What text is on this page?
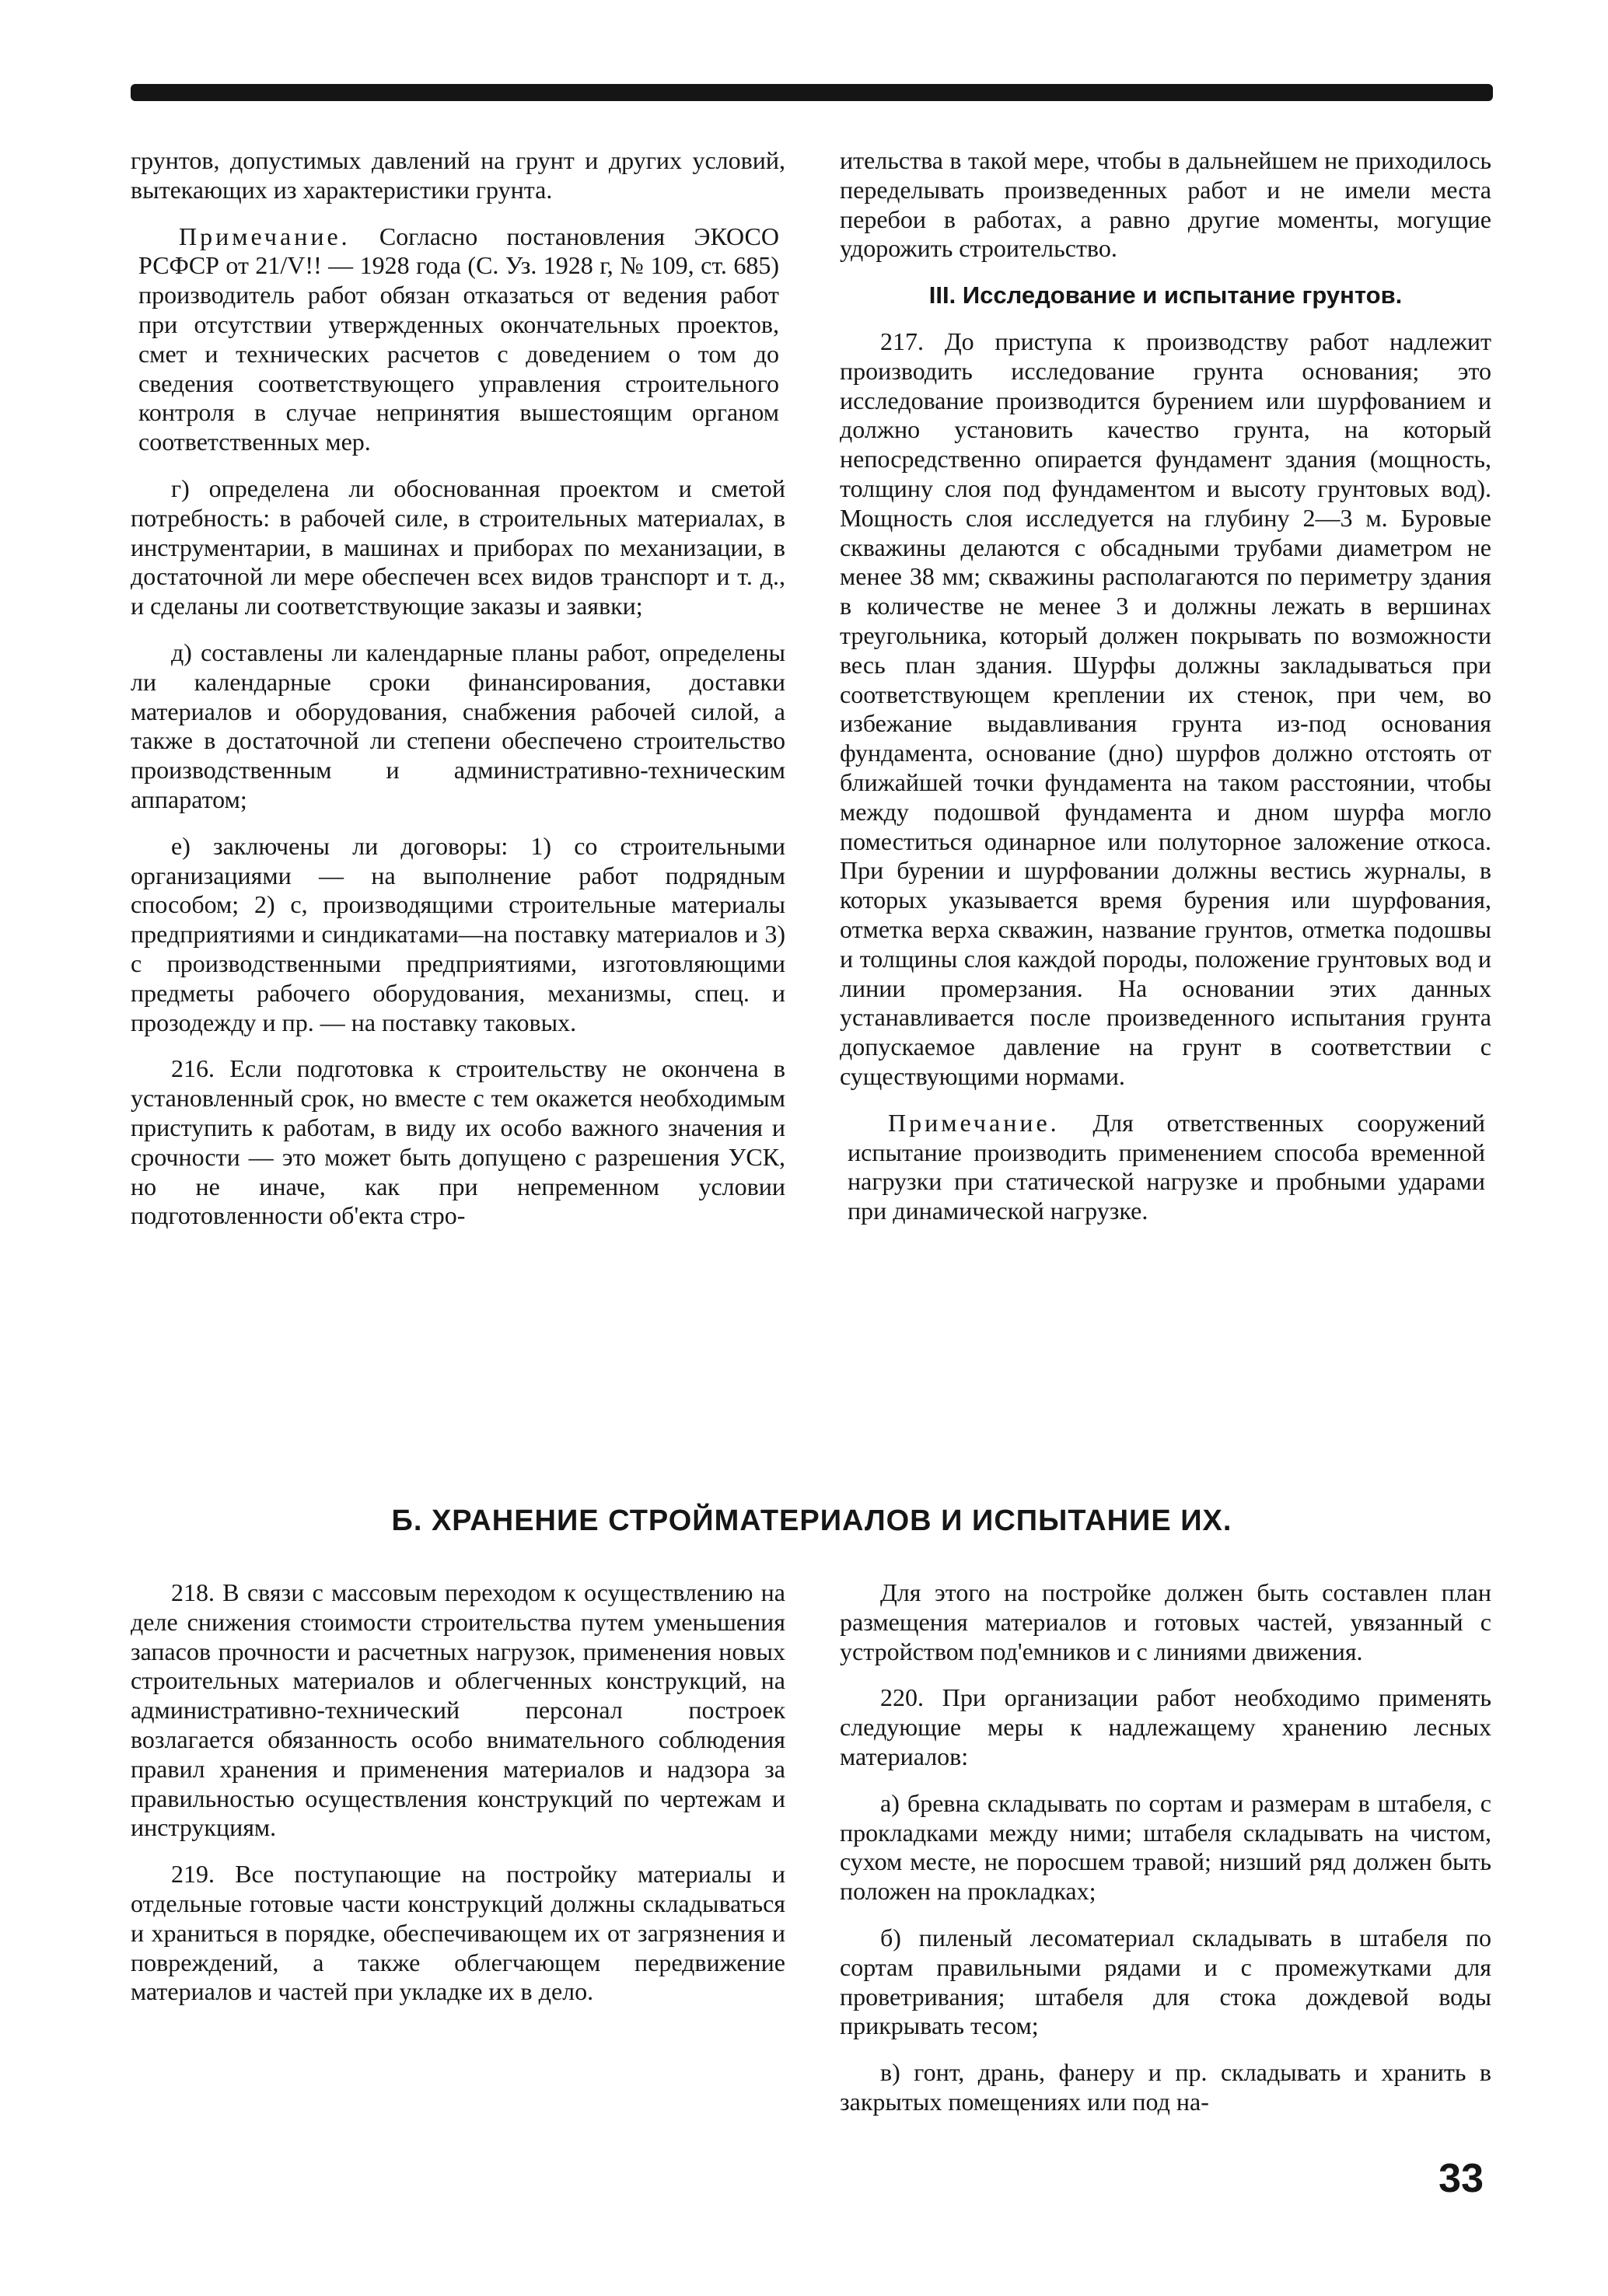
грунтов, допустимых давлений на грунт и других условий, вытекающих из характеристики грунта.

Примечание. Согласно постановления ЭКОСО РСФСР от 21/V!! — 1928 года (С. Уз. 1928 г, № 109, ст. 685) производитель работ обязан отказаться от ведения работ при отсутствии утвержденных окончательных проектов, смет и технических расчетов с доведением о том до сведения соответствующего управления строительного контроля в случае непринятия вышестоящим органом соответственных мер.

г) определена ли обоснованная проектом и сметой потребность: в рабочей силе, в строительных материалах, в инструментарии, в машинах и приборах по механизации, в достаточной ли мере обеспечен всех видов транспорт и т. д., и сделаны ли соответствующие заказы и заявки;

д) составлены ли календарные планы работ, определены ли календарные сроки финансирования, доставки материалов и оборудования, снабжения рабочей силой, а также в достаточной ли степени обеспечено строительство производственным и административно-техническим аппаратом;

е) заключены ли договоры: 1) со строительными организациями — на выполнение работ подрядным способом; 2) с, производящими строительные материалы предприятиями и синдикатами—на поставку материалов и 3) с производственными предприятиями, изготовляющими предметы рабочего оборудования, механизмы, спец. и прозодежду и пр. — на поставку таковых.

216. Если подготовка к строительству не окончена в установленный срок, но вместе с тем окажется необходимым приступить к работам, в виду их особо важного значения и срочности — это может быть допущено с разрешения УСК, но не иначе, как при непременном условии подготовленности об'екта стро-

ительства в такой мере, чтобы в дальнейшем не приходилось переделывать произведенных работ и не имели места перебои в работах, а равно другие моменты, могущие удорожить строительство.

III. Исследование и испытание грунтов.

217. До приступа к производству работ надлежит производить исследование грунта основания; это исследование производится бурением или шурфованием и должно установить качество грунта, на который непосредственно опирается фундамент здания (мощность, толщину слоя под фундаментом и высоту грунтовых вод). Мощность слоя исследуется на глубину 2—3 м. Буровые скважины делаются с обсадными трубами диаметром не менее 38 мм; скважины располагаются по периметру здания в количестве не менее 3 и должны лежать в вершинах треугольника, который должен покрывать по возможности весь план здания. Шурфы должны закладываться при соответствующем креплении их стенок, при чем, во избежание выдавливания грунта из-под основания фундамента, основание (дно) шурфов должно отстоять от ближайшей точки фундамента на таком расстоянии, чтобы между подошвой фундамента и дном шурфа могло поместиться одинарное или полуторное заложение откоса. При бурении и шурфовании должны вестись журналы, в которых указывается время бурения или шурфования, отметка верха скважин, название грунтов, отметка подошвы и толщины слоя каждой породы, положение грунтовых вод и линии промерзания. На основании этих данных устанавливается после произведенного испытания грунта допускаемое давление на грунт в соответствии с существующими нормами.

Примечание. Для ответственных сооружений испытание производить применением способа временной нагрузки при статической нагрузке и пробными ударами при динамической нагрузке.

Б. ХРАНЕНИЕ СТРОЙМАТЕРИАЛОВ И ИСПЫТАНИЕ ИХ.

218. В связи с массовым переходом к осуществлению на деле снижения стоимости строительства путем уменьшения запасов прочности и расчетных нагрузок, применения новых строительных материалов и облегченных конструкций, на административно-технический персонал построек возлагается обязанность особо внимательного соблюдения правил хранения и применения материалов и надзора за правильностью осуществления конструкций по чертежам и инструкциям.

219. Все поступающие на постройку материалы и отдельные готовые части конструкций должны складываться и храниться в порядке, обеспечивающем их от загрязнения и повреждений, а также облегчающем передвижение материалов и частей при укладке их в дело.

Для этого на постройке должен быть составлен план размещения материалов и готовых частей, увязанный с устройством под'емников и с линиями движения.

220. При организации работ необходимо применять следующие меры к надлежащему хранению лесных материалов:

а) бревна складывать по сортам и размерам в штабеля, с прокладками между ними; штабеля складывать на чистом, сухом месте, не поросшем травой; низший ряд должен быть положен на прокладках;

б) пиленый лесоматериал складывать в штабеля по сортам правильными рядами и с промежутками для проветривания; штабеля для стока дождевой воды прикрывать тесом;

в) гонт, дрань, фанеру и пр. складывать и хранить в закрытых помещениях или под на-

33
